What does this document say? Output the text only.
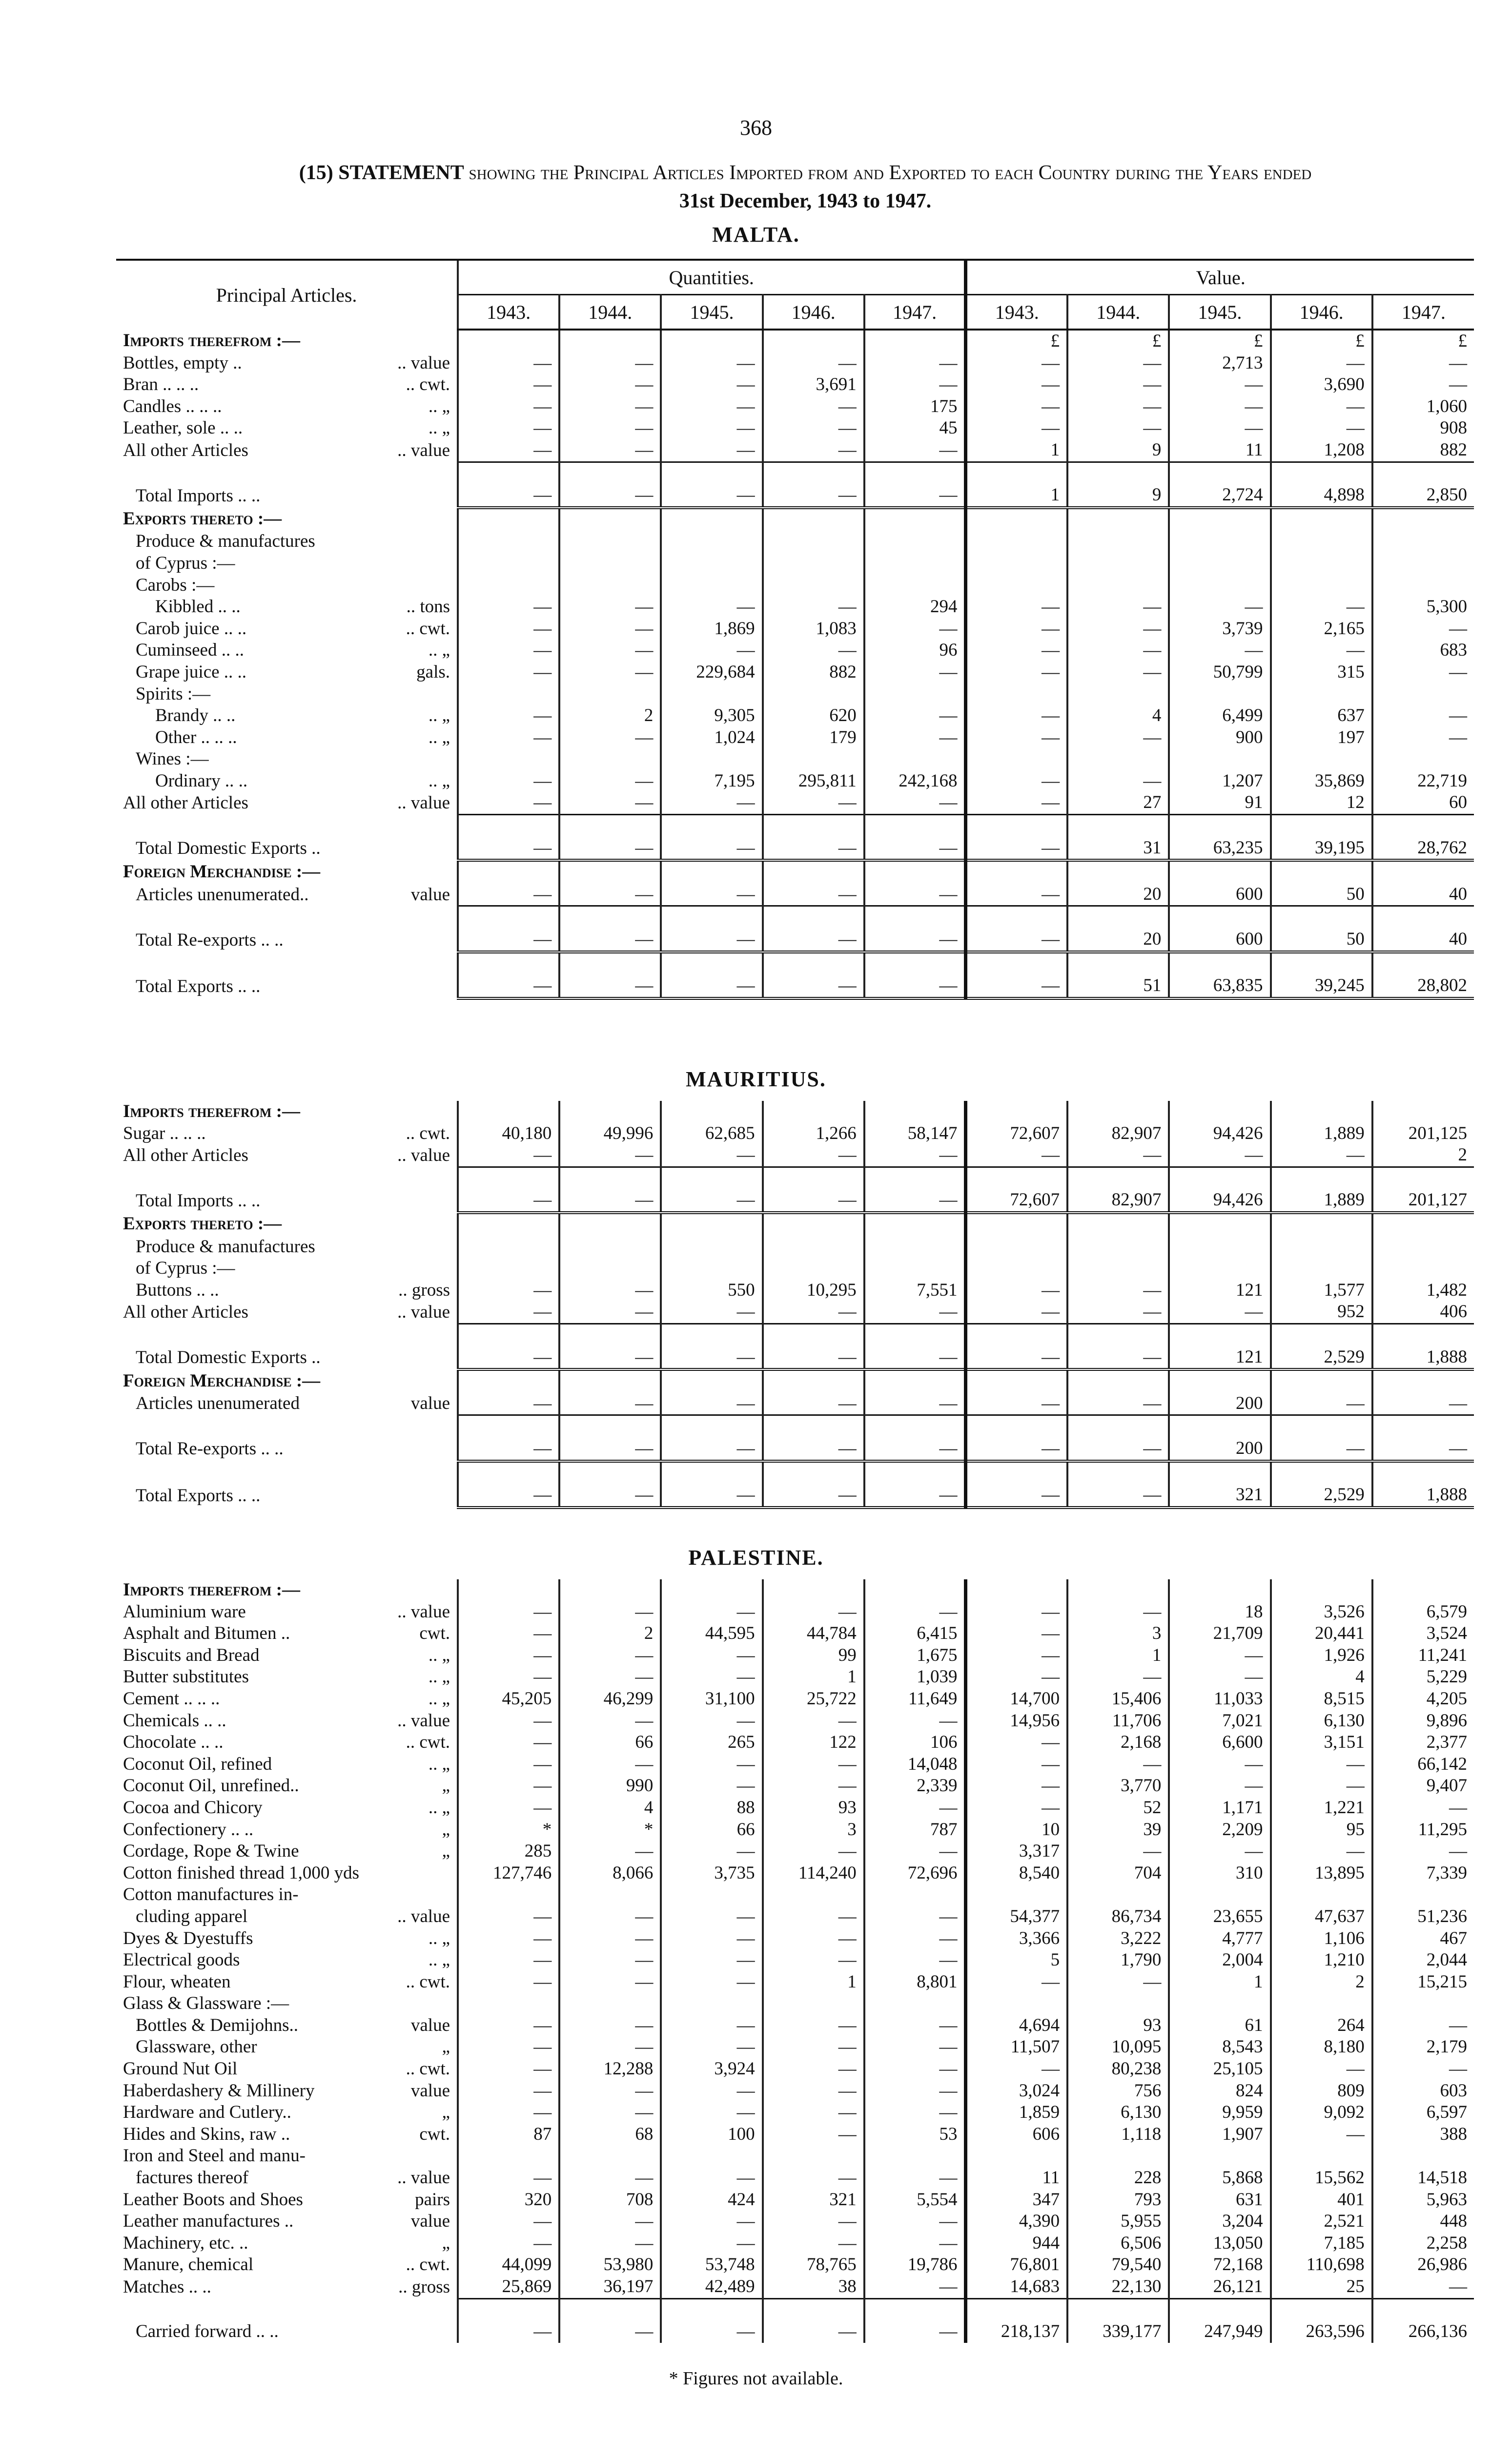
368
(15) STATEMENT showing the Principal Articles Imported from and Exported to each Country during the Years ended
31st December, 1943 to 1947.
MALTA.
Principal Articles.	Quantities.					Value.				
	1943.	1944.	1945.	1946.	1947.	1943.	1944.	1945.	1946.	1947.
Imports therefrom :—						£	£	£	£	£
Bottles, empty .. .. value	—	—	—	—	—	—	—	2,713	—	—
Bran .. .. .. .. cwt.	—	—	—	3,691	—	—	—	—	3,690	—
Candles .. .. .. .. „	—	—	—	—	175	—	—	—	—	1,060
Leather, sole .. .. .. „	—	—	—	—	45	—	—	—	—	908
All other Articles .. value	—	—	—	—	—	1	9	11	1,208	882

Total Imports .. ..	—	—	—	—	—	1	9	2,724	4,898	2,850
Exports thereto :—										
Produce & manufactures										
of Cyprus :—										
Carobs :—										
Kibbled .. .. .. tons	—	—	—	—	294	—	—	—	—	5,300
Carob juice .. .. .. cwt.	—	—	1,869	1,083	—	—	—	3,739	2,165	—
Cuminseed .. .. .. „	—	—	—	—	96	—	—	—	—	683
Grape juice .. .. gals.	—	—	229,684	882	—	—	—	50,799	315	—
Spirits :—										
Brandy .. .. .. „	—	2	9,305	620	—	—	4	6,499	637	—
Other .. .. .. .. „	—	—	1,024	179	—	—	—	900	197	—
Wines :—										
Ordinary .. .. .. „	—	—	7,195	295,811	242,168	—	—	1,207	35,869	22,719
All other Articles .. value	—	—	—	—	—	—	27	91	12	60

Total Domestic Exports ..	—	—	—	—	—	—	31	63,235	39,195	28,762
Foreign Merchandise :—										
Articles unenumerated.. value	—	—	—	—	—	—	20	600	50	40

Total Re-exports .. ..	—	—	—	—	—	—	20	600	50	40

Total Exports .. ..	—	—	—	—	—	—	51	63,835	39,245	28,802
MAURITIUS.
Imports therefrom :—										
Sugar .. .. .. .. cwt.	40,180	49,996	62,685	1,266	58,147	72,607	82,907	94,426	1,889	201,125
All other Articles .. value	—	—	—	—	—	—	—	—	—	2

Total Imports .. ..	—	—	—	—	—	72,607	82,907	94,426	1,889	201,127
Exports thereto :—										
Produce & manufactures										
of Cyprus :—										
Buttons .. .. .. gross	—	—	550	10,295	7,551	—	—	121	1,577	1,482
All other Articles .. value	—	—	—	—	—	—	—	—	952	406

Total Domestic Exports ..	—	—	—	—	—	—	—	121	2,529	1,888
Foreign Merchandise :—										
Articles unenumerated value	—	—	—	—	—	—	—	200	—	—

Total Re-exports .. ..	—	—	—	—	—	—	—	200	—	—

Total Exports .. ..	—	—	—	—	—	—	—	321	2,529	1,888
PALESTINE.
Imports therefrom :—										
Aluminium ware .. value	—	—	—	—	—	—	—	18	3,526	6,579
Asphalt and Bitumen .. cwt.	—	2	44,595	44,784	6,415	—	3	21,709	20,441	3,524
Biscuits and Bread .. „	—	—	—	99	1,675	—	1	—	1,926	11,241
Butter substitutes .. „	—	—	—	1	1,039	—	—	—	4	5,229
Cement .. .. .. .. „	45,205	46,299	31,100	25,722	11,649	14,700	15,406	11,033	8,515	4,205
Chemicals .. .. .. value	—	—	—	—	—	14,956	11,706	7,021	6,130	9,896
Chocolate .. .. .. cwt.	—	66	265	122	106	—	2,168	6,600	3,151	2,377
Coconut Oil, refined .. „	—	—	—	—	14,048	—	—	—	—	66,142
Coconut Oil, unrefined.. „	—	990	—	—	2,339	—	3,770	—	—	9,407
Cocoa and Chicory .. „	—	4	88	93	—	—	52	1,171	1,221	—
Confectionery .. .. „	*	*	66	3	787	10	39	2,209	95	11,295
Cordage, Rope & Twine „	285	—	—	—	—	3,317	—	—	—	—
Cotton finished thread 1,000 yds	127,746	8,066	3,735	114,240	72,696	8,540	704	310	13,895	7,339
Cotton manufactures in-										
cluding apparel .. value	—	—	—	—	—	54,377	86,734	23,655	47,637	51,236
Dyes & Dyestuffs .. „	—	—	—	—	—	3,366	3,222	4,777	1,106	467
Electrical goods .. „	—	—	—	—	—	5	1,790	2,004	1,210	2,044
Flour, wheaten .. cwt.	—	—	—	1	8,801	—	—	1	2	15,215
Glass & Glassware :—										
Bottles & Demijohns.. value	—	—	—	—	—	4,694	93	61	264	—
Glassware, other „	—	—	—	—	—	11,507	10,095	8,543	8,180	2,179
Ground Nut Oil .. cwt.	—	12,288	3,924	—	—	—	80,238	25,105	—	—
Haberdashery & Millinery value	—	—	—	—	—	3,024	756	824	809	603
Hardware and Cutlery.. „	—	—	—	—	—	1,859	6,130	9,959	9,092	6,597
Hides and Skins, raw .. cwt.	87	68	100	—	53	606	1,118	1,907	—	388
Iron and Steel and manu-										
factures thereof .. value	—	—	—	—	—	11	228	5,868	15,562	14,518
Leather Boots and Shoes pairs	320	708	424	321	5,554	347	793	631	401	5,963
Leather manufactures .. value	—	—	—	—	—	4,390	5,955	3,204	2,521	448
Machinery, etc. .. „	—	—	—	—	—	944	6,506	13,050	7,185	2,258
Manure, chemical .. cwt.	44,099	53,980	53,748	78,765	19,786	76,801	79,540	72,168	110,698	26,986
Matches .. .. .. gross	25,869	36,197	42,489	38	—	14,683	22,130	26,121	25	—

Carried forward .. ..	—	—	—	—	—	218,137	339,177	247,949	263,596	266,136
* Figures not available.
